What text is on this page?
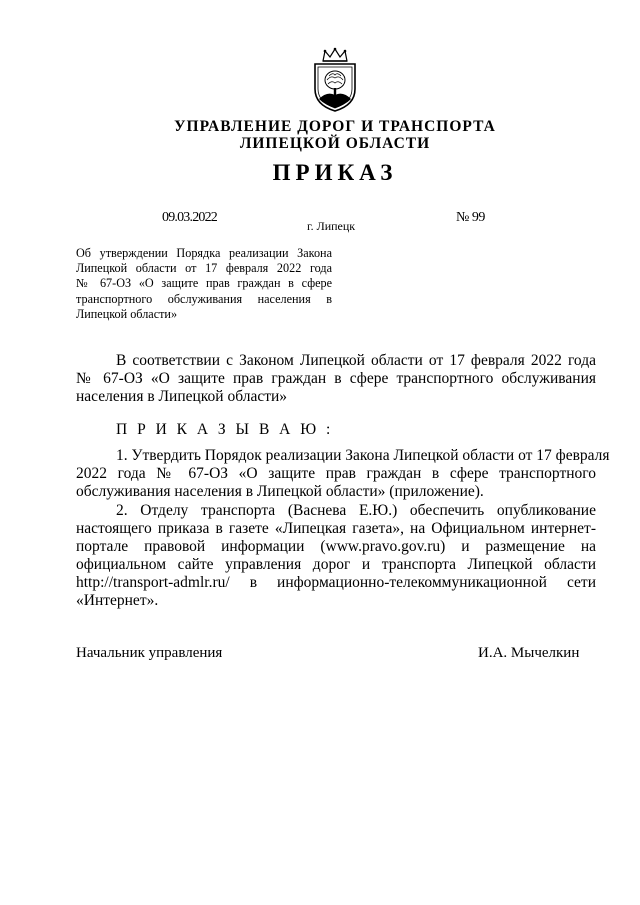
УПРАВЛЕНИЕ ДОРОГ И ТРАНСПОРТА
ЛИПЕЦКОЙ ОБЛАСТИ
ПРИКАЗ
09.03.2022
г. Липецк
№ 99
Об утверждении Порядка реализации Закона
Липецкой области от 17 февраля 2022 года
№ 67-ОЗ «О защите прав граждан в сфере
транспортного обслуживания населения в
Липецкой области»
В соответствии с Законом Липецкой области от 17 февраля 2022 года
№ 67-ОЗ «О защите прав граждан в сфере транспортного обслуживания
населения в Липецкой области»
П Р И К А З Ы В А Ю :
1. Утвердить Порядок реализации Закона Липецкой области от 17 февраля
2022 года № 67-ОЗ «О защите прав граждан в сфере транспортного
обслуживания населения в Липецкой области» (приложение).
2. Отделу транспорта (Васнева Е.Ю.) обеспечить опубликование
настоящего приказа в газете «Липецкая газета», на Официальном интернет-
портале правовой информации (www.pravo.gov.ru) и размещение на
официальном сайте управления дорог и транспорта Липецкой области
http://transport-admlr.ru/ в информационно-телекоммуникационной сети
«Интернет».
Начальник управления	И.А. Мычелкин
